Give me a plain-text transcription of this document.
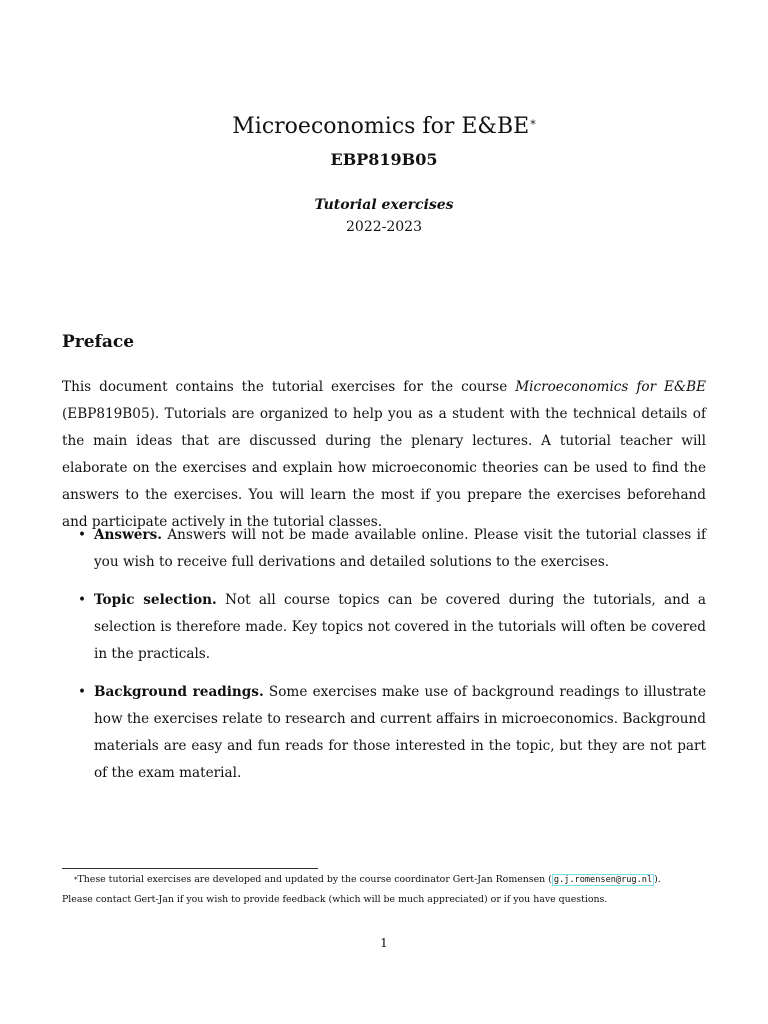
Microeconomics for E&BE*
EBP819B05
Tutorial exercises
2022-2023
Preface
This document contains the tutorial exercises for the course Microeconomics for E&BE (EBP819B05). Tutorials are organized to help you as a student with the technical details of the main ideas that are discussed during the plenary lectures. A tutorial teacher will elaborate on the exercises and explain how microeconomic theories can be used to find the answers to the exercises. You will learn the most if you prepare the exercises beforehand and participate actively in the tutorial classes.
• Answers. Answers will not be made available online. Please visit the tutorial classes if you wish to receive full derivations and detailed solutions to the exercises.
• Topic selection. Not all course topics can be covered during the tutorials, and a selection is therefore made. Key topics not covered in the tutorials will often be covered in the practicals.
• Background readings. Some exercises make use of background readings to illustrate how the exercises relate to research and current affairs in microeconomics. Background materials are easy and fun reads for those interested in the topic, but they are not part of the exam material.
*These tutorial exercises are developed and updated by the course coordinator Gert-Jan Romensen ( g.j.romensen@rug.nl ).
Please contact Gert-Jan if you wish to provide feedback (which will be much appreciated) or if you have questions.
1
